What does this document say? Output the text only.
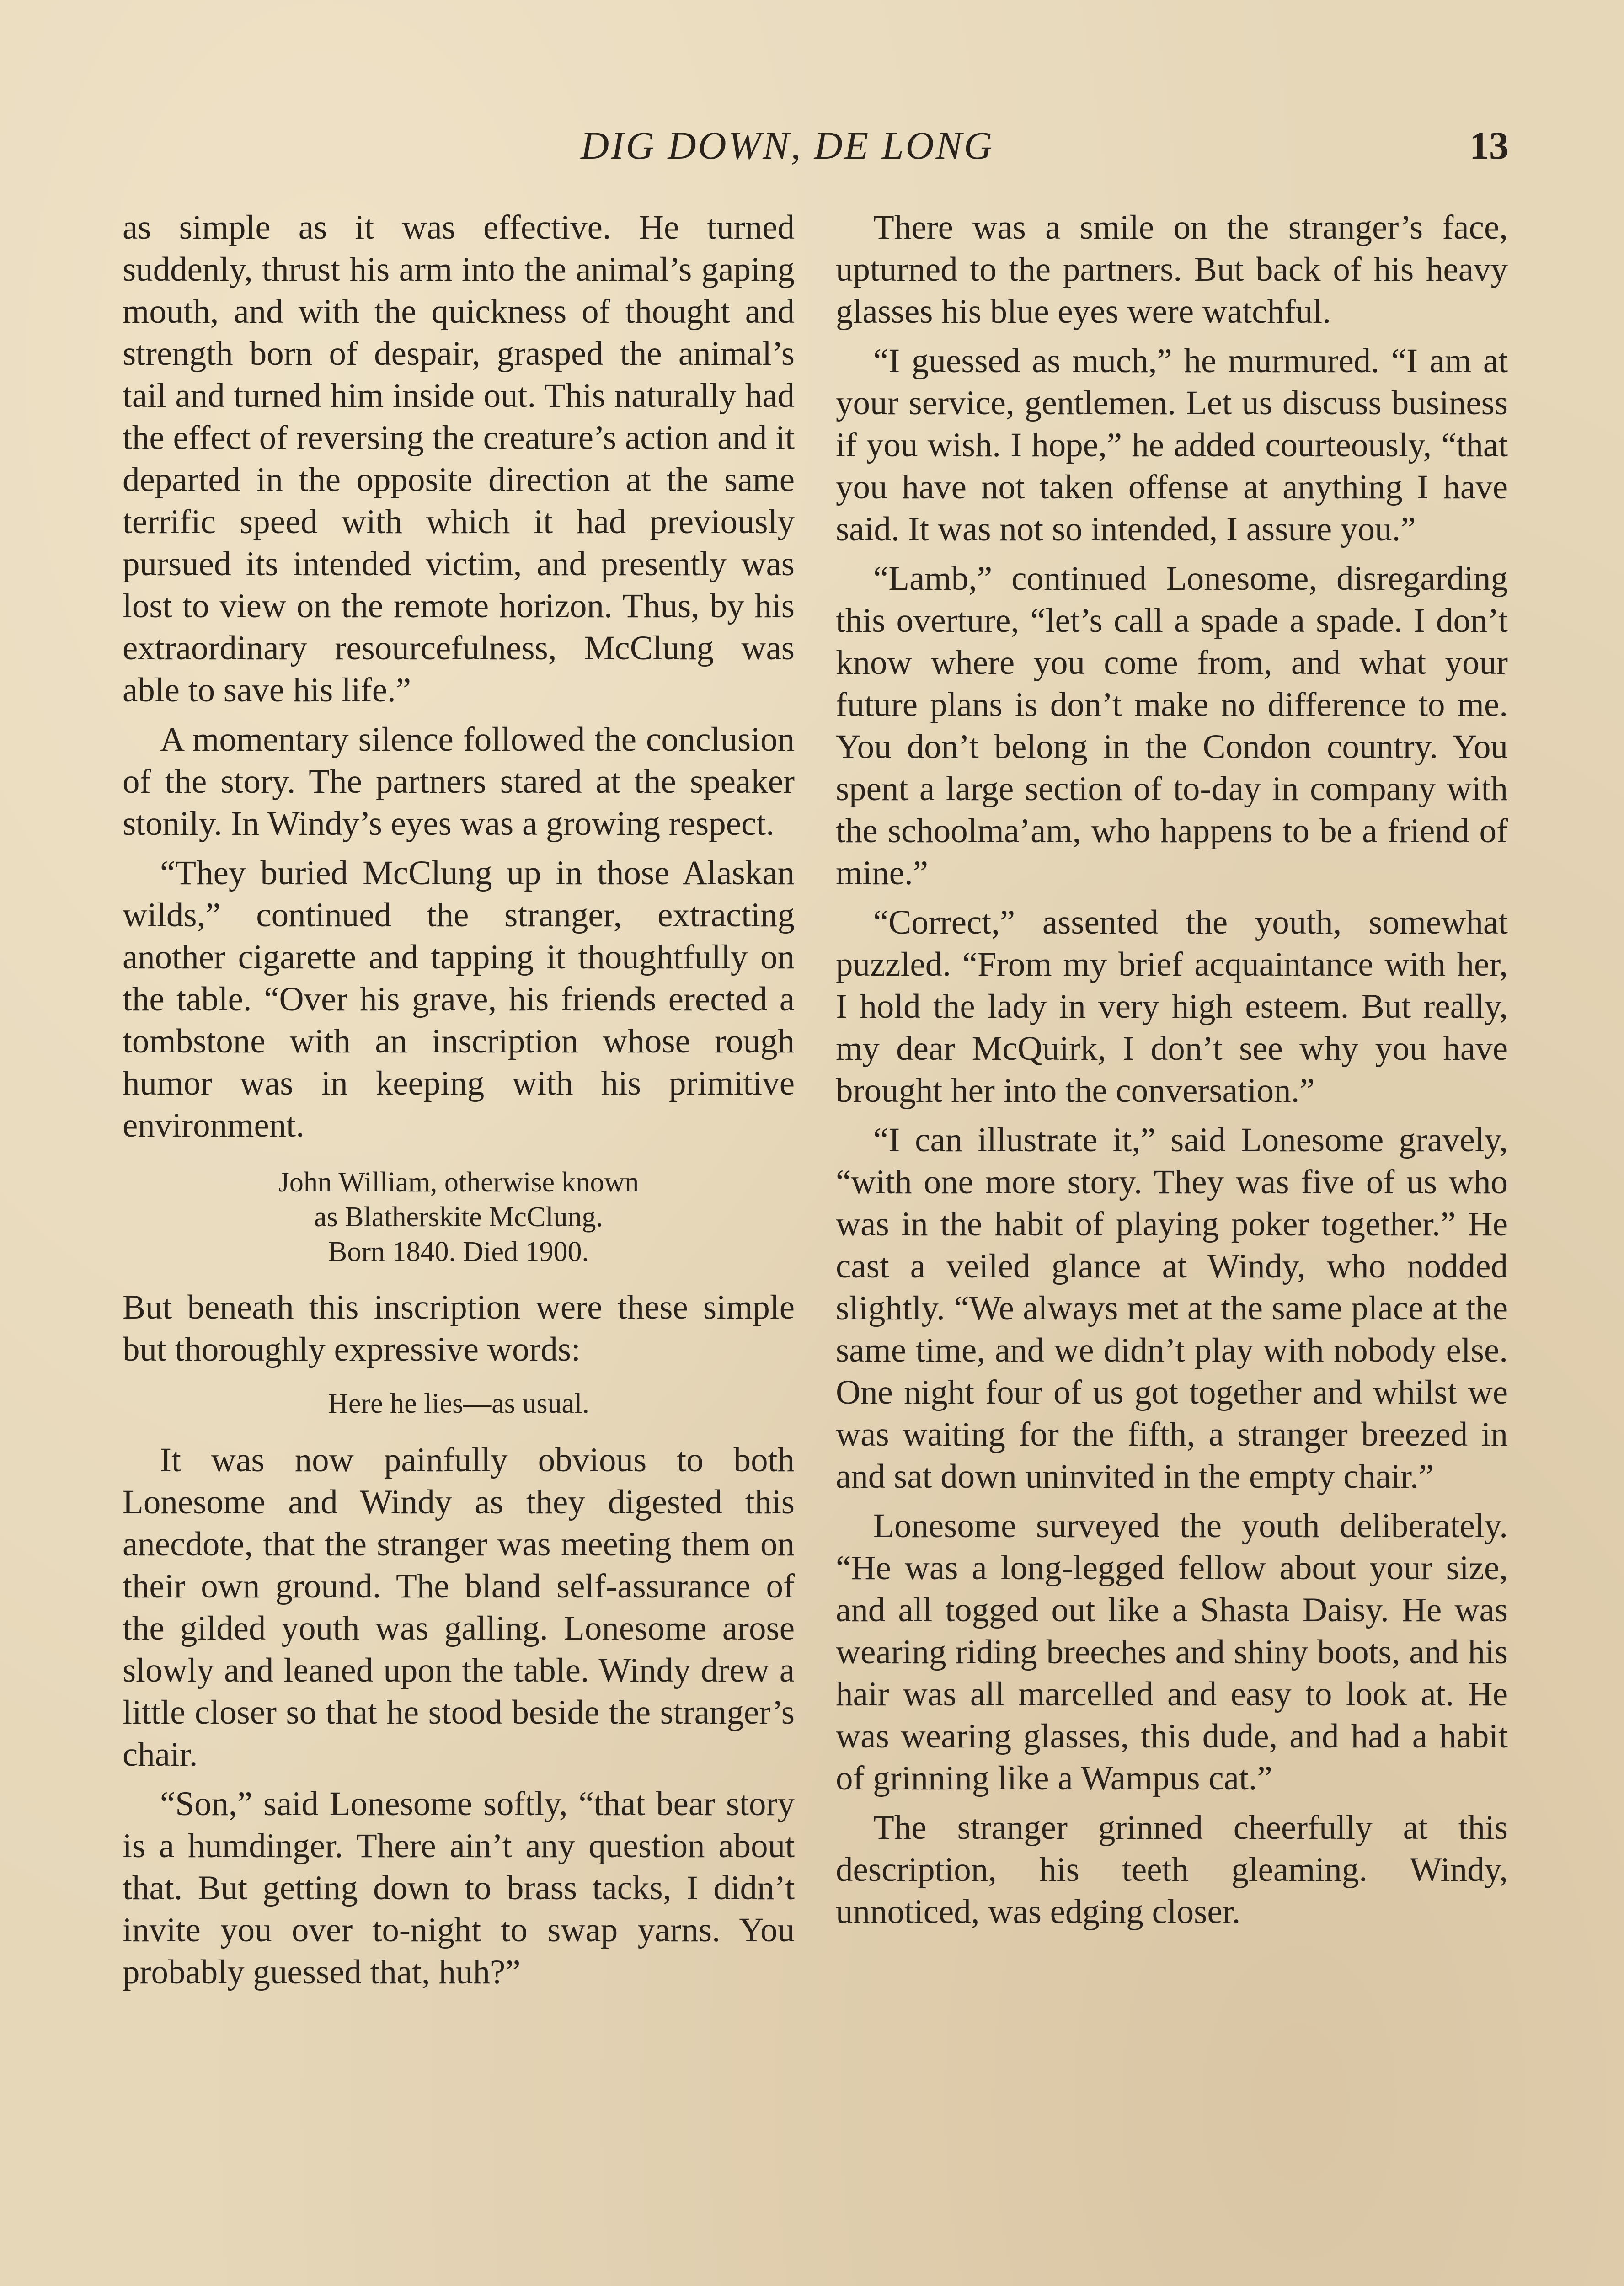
DIG DOWN, DE LONG	13

as simple as it was effective. He turned suddenly, thrust his arm into the animal’s gaping mouth, and with the quickness of thought and strength born of despair, grasped the animal’s tail and turned him inside out. This naturally had the effect of reversing the creature’s action and it departed in the opposite direction at the same terrific speed with which it had previously pursued its intended victim, and presently was lost to view on the remote horizon. Thus, by his extraordinary resourcefulness, McClung was able to save his life.”

A momentary silence followed the conclusion of the story. The partners stared at the speaker stonily. In Windy’s eyes was a growing respect.

“They buried McClung up in those Alaskan wilds,” continued the stranger, extracting another cigarette and tapping it thoughtfully on the table. “Over his grave, his friends erected a tombstone with an inscription whose rough humor was in keeping with his primitive environment.

John William, otherwise known
as Blatherskite McClung.
Born 1840. Died 1900.

But beneath this inscription were these simple but thoroughly expressive words:

Here he lies—as usual.

It was now painfully obvious to both Lonesome and Windy as they digested this anecdote, that the stranger was meeting them on their own ground. The bland self-assurance of the gilded youth was galling. Lonesome arose slowly and leaned upon the table. Windy drew a little closer so that he stood beside the stranger’s chair.

“Son,” said Lonesome softly, “that bear story is a humdinger. There ain’t any question about that. But getting down to brass tacks, I didn’t invite you over to-night to swap yarns. You probably guessed that, huh?”

There was a smile on the stranger’s face, upturned to the partners. But back of his heavy glasses his blue eyes were watchful.

“I guessed as much,” he murmured. “I am at your service, gentlemen. Let us discuss business if you wish. I hope,” he added courteously, “that you have not taken offense at anything I have said. It was not so intended, I assure you.”

“Lamb,” continued Lonesome, disregarding this overture, “let’s call a spade a spade. I don’t know where you come from, and what your future plans is don’t make no difference to me. You don’t belong in the Condon country. You spent a large section of to-day in company with the schoolma’am, who happens to be a friend of mine.”

“Correct,” assented the youth, somewhat puzzled. “From my brief acquaintance with her, I hold the lady in very high esteem. But really, my dear McQuirk, I don’t see why you have brought her into the conversation.”

“I can illustrate it,” said Lonesome gravely, “with one more story. They was five of us who was in the habit of playing poker together.” He cast a veiled glance at Windy, who nodded slightly. “We always met at the same place at the same time, and we didn’t play with nobody else. One night four of us got together and whilst we was waiting for the fifth, a stranger breezed in and sat down uninvited in the empty chair.”

Lonesome surveyed the youth deliberately. “He was a long-legged fellow about your size, and all togged out like a Shasta Daisy. He was wearing riding breeches and shiny boots, and his hair was all marcelled and easy to look at. He was wearing glasses, this dude, and had a habit of grinning like a Wampus cat.”

The stranger grinned cheerfully at this description, his teeth gleaming. Windy, unnoticed, was edging closer.
